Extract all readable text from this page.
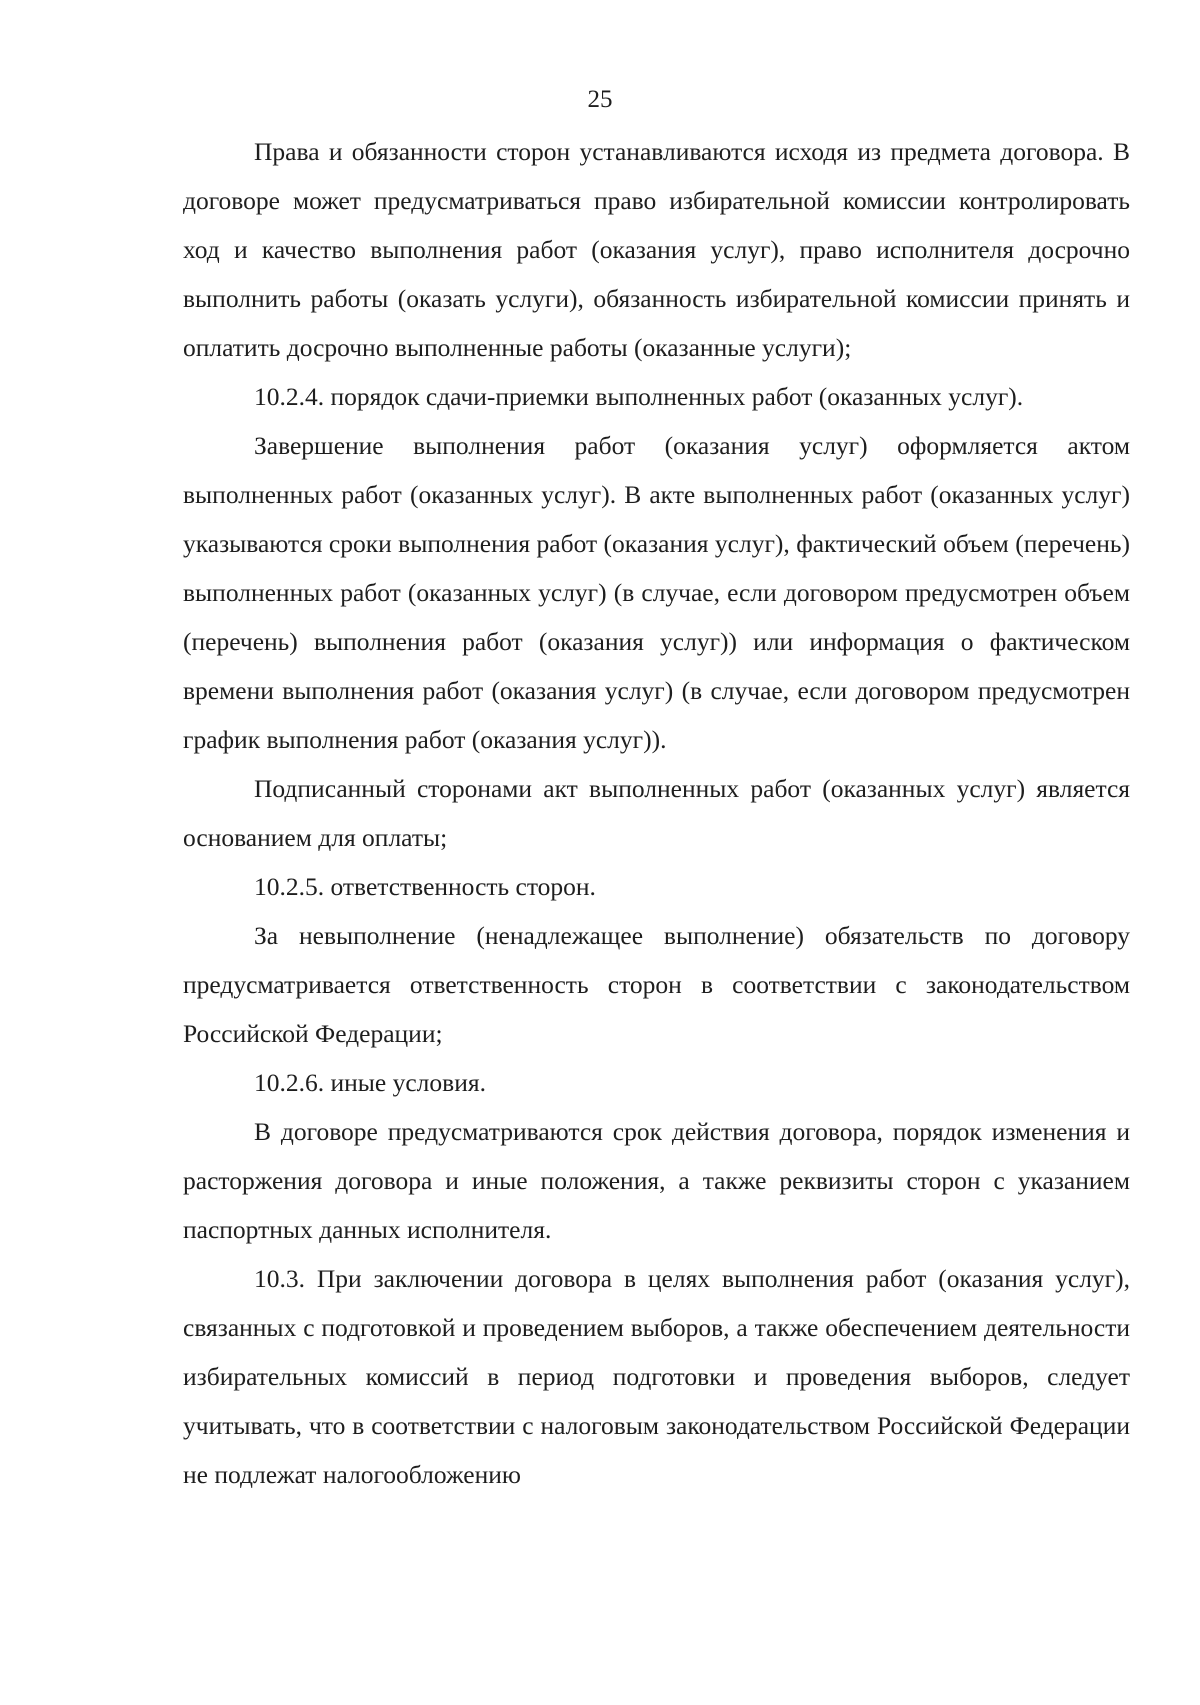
25

Права и обязанности сторон устанавливаются исходя из предмета договора. В договоре может предусматриваться право избирательной комиссии контролировать ход и качество выполнения работ (оказания услуг), право исполнителя досрочно выполнить работы (оказать услуги), обязанность избирательной комиссии принять и оплатить досрочно выполненные работы (оказанные услуги);

10.2.4. порядок сдачи-приемки выполненных работ (оказанных услуг).

Завершение выполнения работ (оказания услуг) оформляется актом выполненных работ (оказанных услуг). В акте выполненных работ (оказанных услуг) указываются сроки выполнения работ (оказания услуг), фактический объем (перечень) выполненных работ (оказанных услуг) (в случае, если договором предусмотрен объем (перечень) выполнения работ (оказания услуг)) или информация о фактическом времени выполнения работ (оказания услуг) (в случае, если договором предусмотрен график выполнения работ (оказания услуг)).

Подписанный сторонами акт выполненных работ (оказанных услуг) является основанием для оплаты;

10.2.5. ответственность сторон.

За невыполнение (ненадлежащее выполнение) обязательств по договору предусматривается ответственность сторон в соответствии с законодательством Российской Федерации;

10.2.6. иные условия.

В договоре предусматриваются срок действия договора, порядок изменения и расторжения договора и иные положения, а также реквизиты сторон с указанием паспортных данных исполнителя.

10.3. При заключении договора в целях выполнения работ (оказания услуг), связанных с подготовкой и проведением выборов, а также обеспечением деятельности избирательных комиссий в период подготовки и проведения выборов, следует учитывать, что в соответствии с налоговым законодательством Российской Федерации не подлежат налогообложению
